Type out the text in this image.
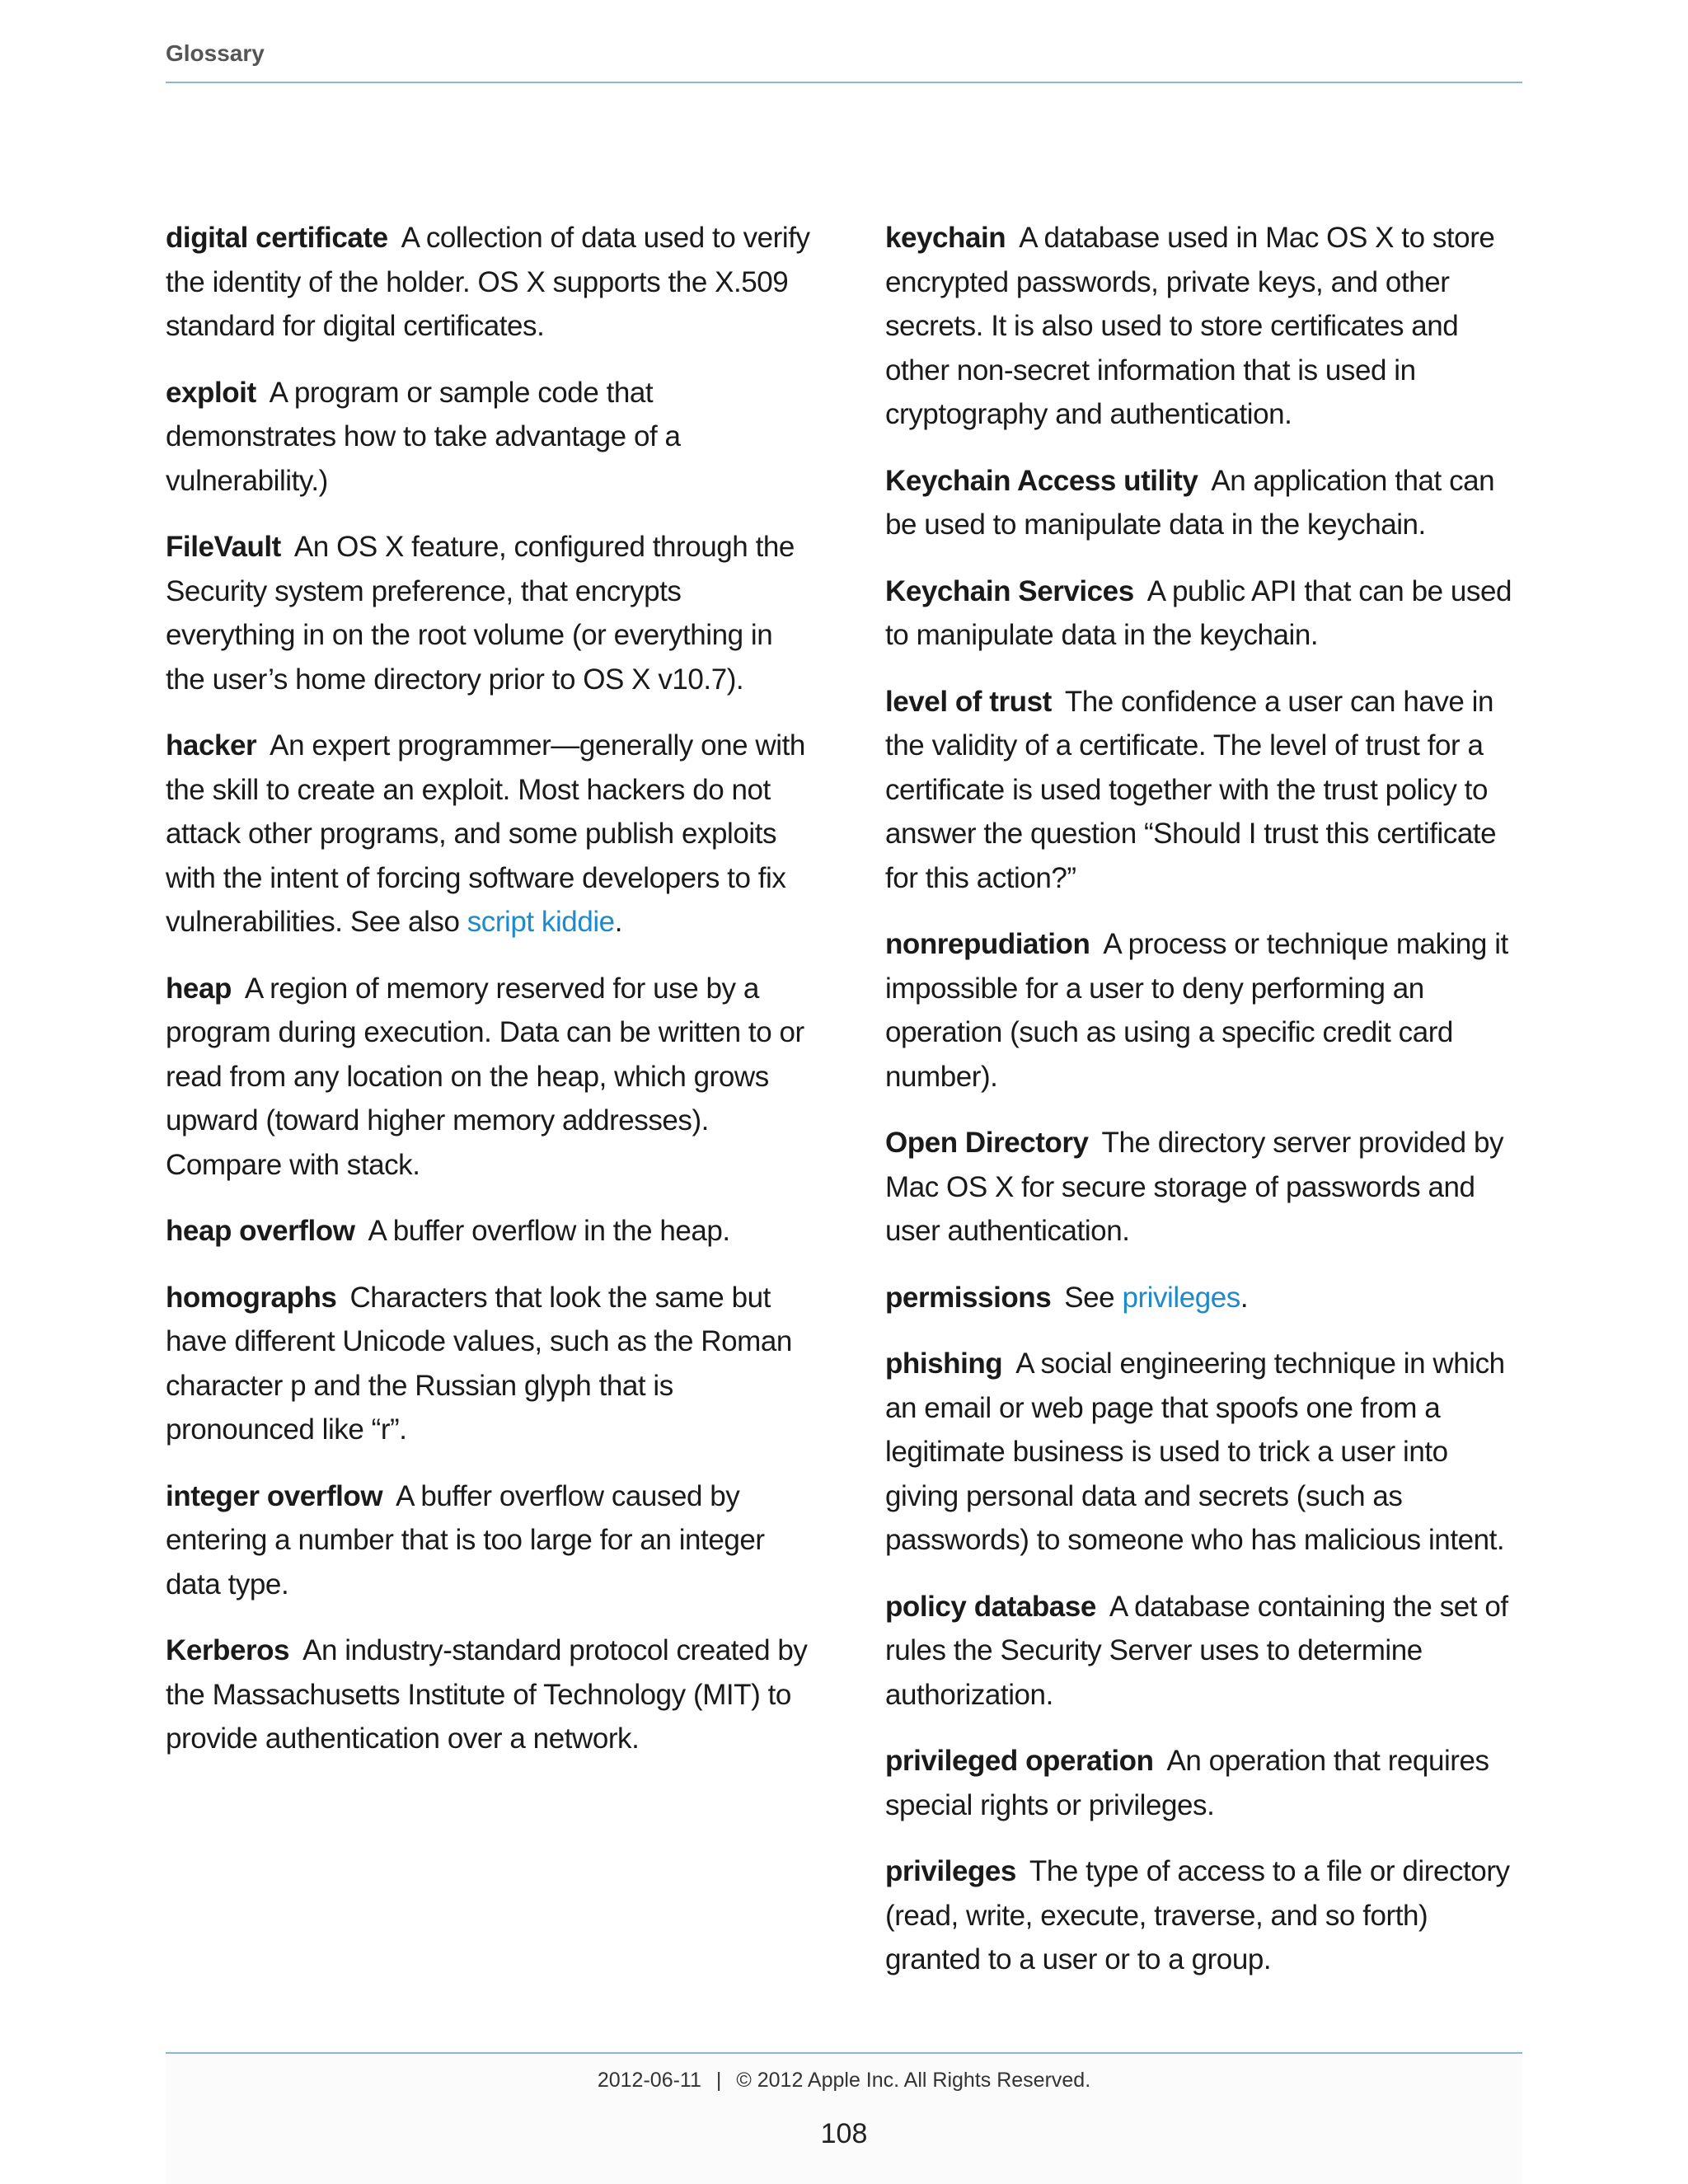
Glossary

digital certificate A collection of data used to verify the identity of the holder. OS X supports the X.509 standard for digital certificates.

exploit A program or sample code that demonstrates how to take advantage of a vulnerability.)

FileVault An OS X feature, configured through the Security system preference, that encrypts everything in on the root volume (or everything in the user’s home directory prior to OS X v10.7).

hacker An expert programmer—generally one with the skill to create an exploit. Most hackers do not attack other programs, and some publish exploits with the intent of forcing software developers to fix vulnerabilities. See also script kiddie.

heap A region of memory reserved for use by a program during execution. Data can be written to or read from any location on the heap, which grows upward (toward higher memory addresses). Compare with stack.

heap overflow A buffer overflow in the heap.

homographs Characters that look the same but have different Unicode values, such as the Roman character p and the Russian glyph that is pronounced like “r”.

integer overflow A buffer overflow caused by entering a number that is too large for an integer data type.

Kerberos An industry-standard protocol created by the Massachusetts Institute of Technology (MIT) to provide authentication over a network.

keychain A database used in Mac OS X to store encrypted passwords, private keys, and other secrets. It is also used to store certificates and other non-secret information that is used in cryptography and authentication.

Keychain Access utility An application that can be used to manipulate data in the keychain.

Keychain Services A public API that can be used to manipulate data in the keychain.

level of trust The confidence a user can have in the validity of a certificate. The level of trust for a certificate is used together with the trust policy to answer the question “Should I trust this certificate for this action?”

nonrepudiation A process or technique making it impossible for a user to deny performing an operation (such as using a specific credit card number).

Open Directory The directory server provided by Mac OS X for secure storage of passwords and user authentication.

permissions See privileges.

phishing A social engineering technique in which an email or web page that spoofs one from a legitimate business is used to trick a user into giving personal data and secrets (such as passwords) to someone who has malicious intent.

policy database A database containing the set of rules the Security Server uses to determine authorization.

privileged operation An operation that requires special rights or privileges.

privileges The type of access to a file or directory (read, write, execute, traverse, and so forth) granted to a user or to a group.

2012-06-11 | © 2012 Apple Inc. All Rights Reserved.
108
